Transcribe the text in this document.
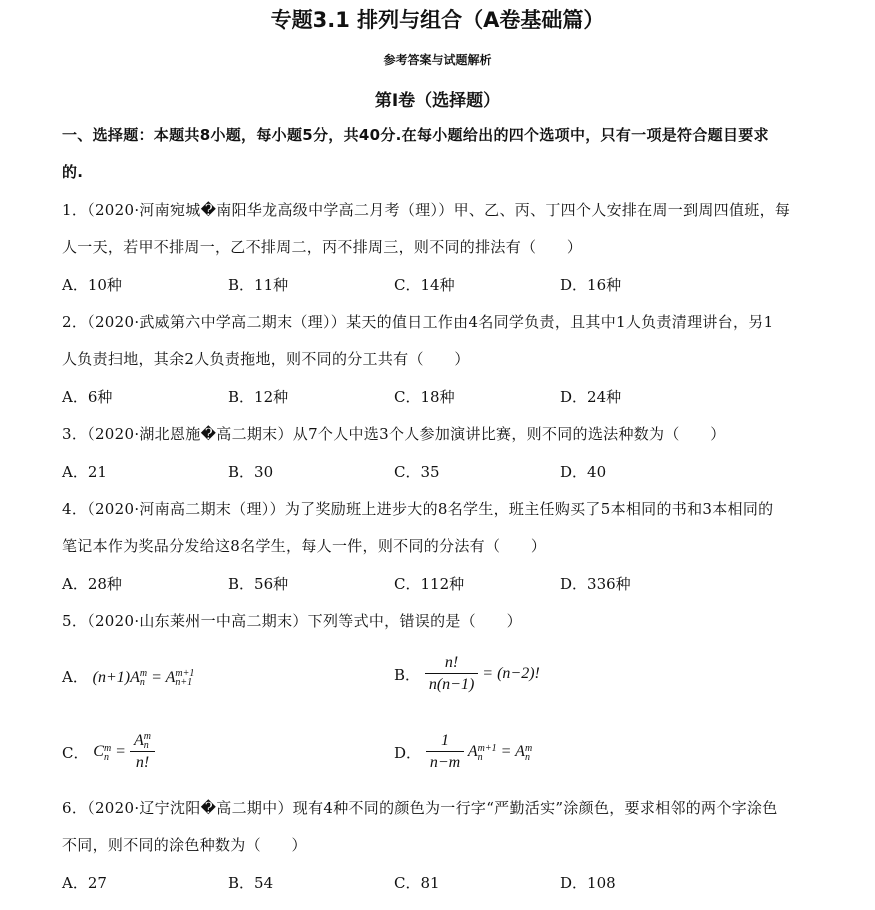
专题3.1 排列与组合（A卷基础篇）
参考答案与试题解析
第Ⅰ卷（选择题）
一、选择题：本题共8小题，每小题5分，共40分.在每小题给出的四个选项中，只有一项是符合题目要求
的.
1．（2020·河南宛城�南阳华龙高级中学高二月考（理））甲、乙、丙、丁四个人安排在周一到周四值班，每
人一天，若甲不排周一，乙不排周二，丙不排周三，则不同的排法有（　　）
A．10种	B．11种	C．14种	D．16种
2．（2020·武威第六中学高二期末（理））某天的值日工作由4名同学负责，且其中1人负责清理讲台，另1
人负责扫地，其余2人负责拖地，则不同的分工共有（　　）
A．6种	B．12种	C．18种	D．24种
3．（2020·湖北恩施�高二期末）从7个人中选3个人参加演讲比赛，则不同的选法种数为（　　）
A．21	B．30	C．35	D．40
4．（2020·河南高二期末（理））为了奖励班上进步大的8名学生，班主任购买了5本相同的书和3本相同的
笔记本作为奖品分发给这8名学生，每人一件，则不同的分法有（　　）
A．28种	B．56种	C．112种	D．336种
5．（2020·山东莱州一中高二期末）下列等式中，错误的是（　　）
A． (n+1)A m
n = A m+1
n+1	B． $\frac{n!}{n(n-1)} = (n-2)$!
C． C m
n = A m
n
n!	D． $\frac{1}{n-m}$ A m+1
n = A m
n
6．（2020·辽宁沈阳�高二期中）现有4种不同的颜色为一行字“严勤活实”涂颜色，要求相邻的两个字涂色
不同，则不同的涂色种数为（　　）
A．27	B．54	C．81	D．108
